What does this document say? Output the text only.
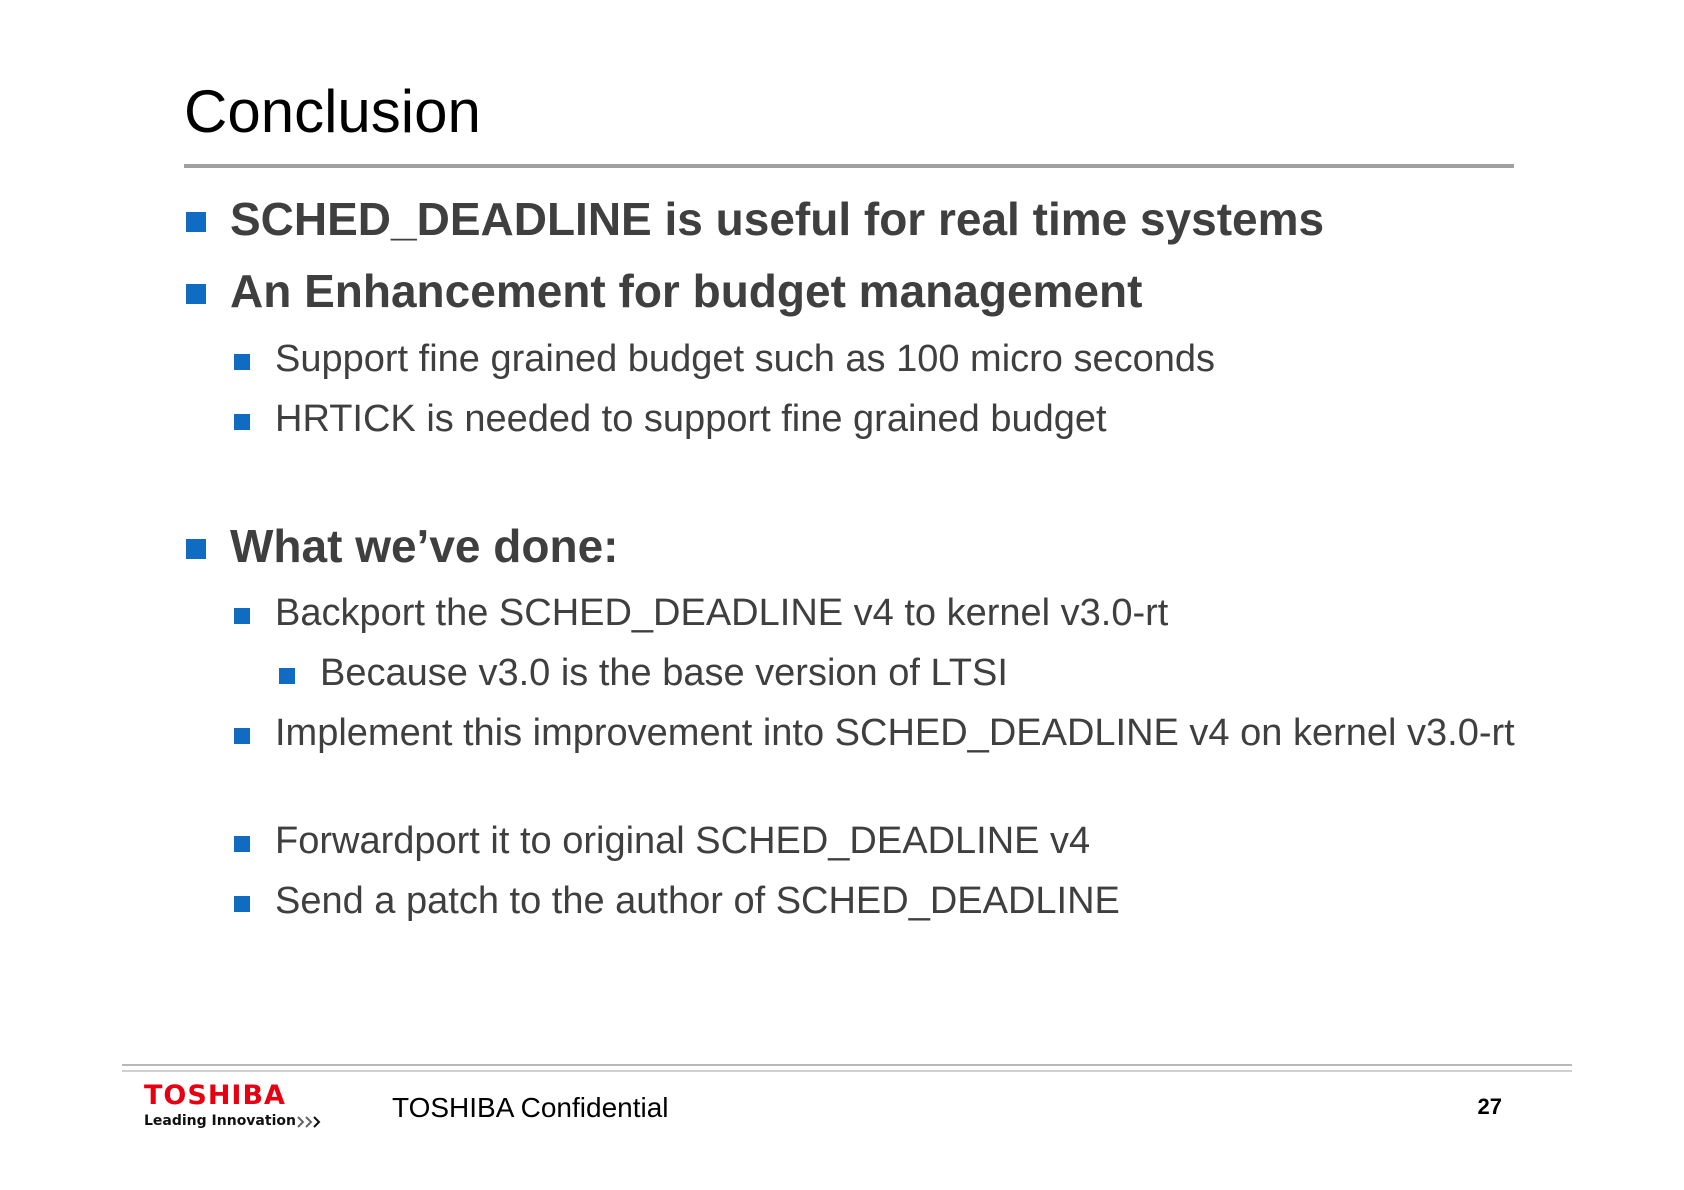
Conclusion
SCHED_DEADLINE is useful for real time systems
An Enhancement for budget management
Support fine grained budget such as 100 micro seconds
HRTICK is needed to support fine grained budget
What we’ve done:
Backport the SCHED_DEADLINE v4 to kernel v3.0-rt
Because v3.0 is the base version of LTSI
Implement this improvement into SCHED_DEADLINE v4 on kernel v3.0-rt
Forwardport it to original SCHED_DEADLINE v4
Send a patch to the author of SCHED_DEADLINE
TOSHIBA
Leading Innovation	TOSHIBA Confidential	27
